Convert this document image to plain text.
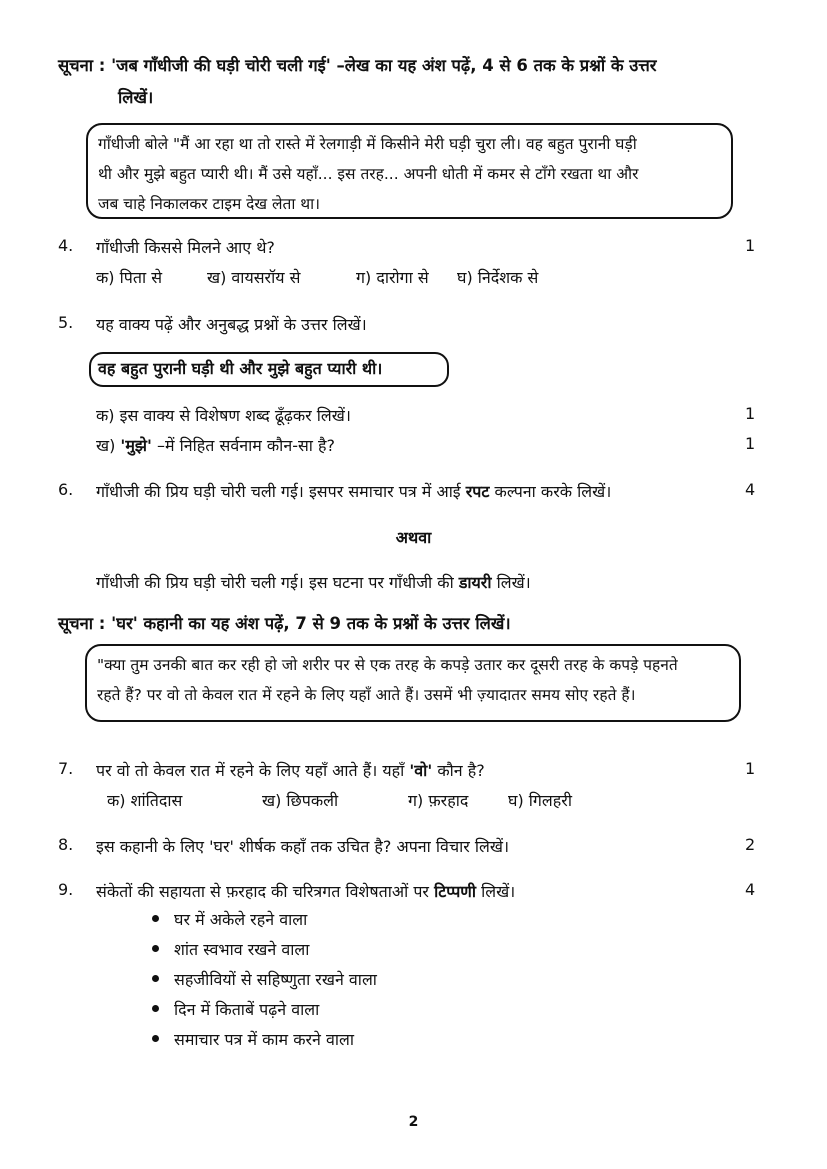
सूचना : 'जब गाँधीजी की घड़ी चोरी चली गई' –लेख का यह अंश पढ़ें, 4 से 6 तक के प्रश्नों के उत्तर
लिखें।

गाँधीजी बोले "मैं आ रहा था तो रास्ते में रेलगाड़ी में किसीने मेरी घड़ी चुरा ली। वह बहुत पुरानी घड़ी

थी और मुझे बहुत प्यारी थी। मैं उसे यहाँ... इस तरह... अपनी धोती में कमर से टाँगे रखता था और

जब चाहे निकालकर टाइम देख लेता था।

4. गाँधीजी किससे मिलने आए थे?	1
क) पिता से	ख) वायसरॉय से	ग) दारोगा से घ) निर्देशक से
5. यह वाक्य पढ़ें और अनुबद्ध प्रश्नों के उत्तर लिखें।
वह बहुत पुरानी घड़ी थी और मुझे बहुत प्यारी थी।
क) इस वाक्य से विशेषण शब्द ढूँढ़कर लिखें।	1
ख) 'मुझे' –में निहित सर्वनाम कौन-सा है?	1
6. गाँधीजी की प्रिय घड़ी चोरी चली गई। इसपर समाचार पत्र में आई रपट कल्पना करके लिखें।	4
अथवा
गाँधीजी की प्रिय घड़ी चोरी चली गई। इस घटना पर गाँधीजी की डायरी लिखें।
सूचना : 'घर' कहानी का यह अंश पढ़ें, 7 से 9 तक के प्रश्नों के उत्तर लिखें।

"क्या तुम उनकी बात कर रही हो जो शरीर पर से एक तरह के कपड़े उतार कर दूसरी तरह के कपड़े पहनते

रहते हैं? पर वो तो केवल रात में रहने के लिए यहाँ आते हैं। उसमें भी ज़्यादातर समय सोए रहते हैं।

7. पर वो तो केवल रात में रहने के लिए यहाँ आते हैं। यहाँ 'वो' कौन है?	1
क) शांतिदास	ख) छिपकली	ग) फ़रहाद घ) गिलहरी
8. इस कहानी के लिए 'घर' शीर्षक कहाँ तक उचित है? अपना विचार लिखें।	2
9. संकेतों की सहायता से फ़रहाद की चरित्रगत विशेषताओं पर टिप्पणी लिखें।	4
घर में अकेले रहने वाला
शांत स्वभाव रखने वाला
सहजीवियों से सहिष्णुता रखने वाला
दिन में किताबें पढ़ने वाला
समाचार पत्र में काम करने वाला
2
